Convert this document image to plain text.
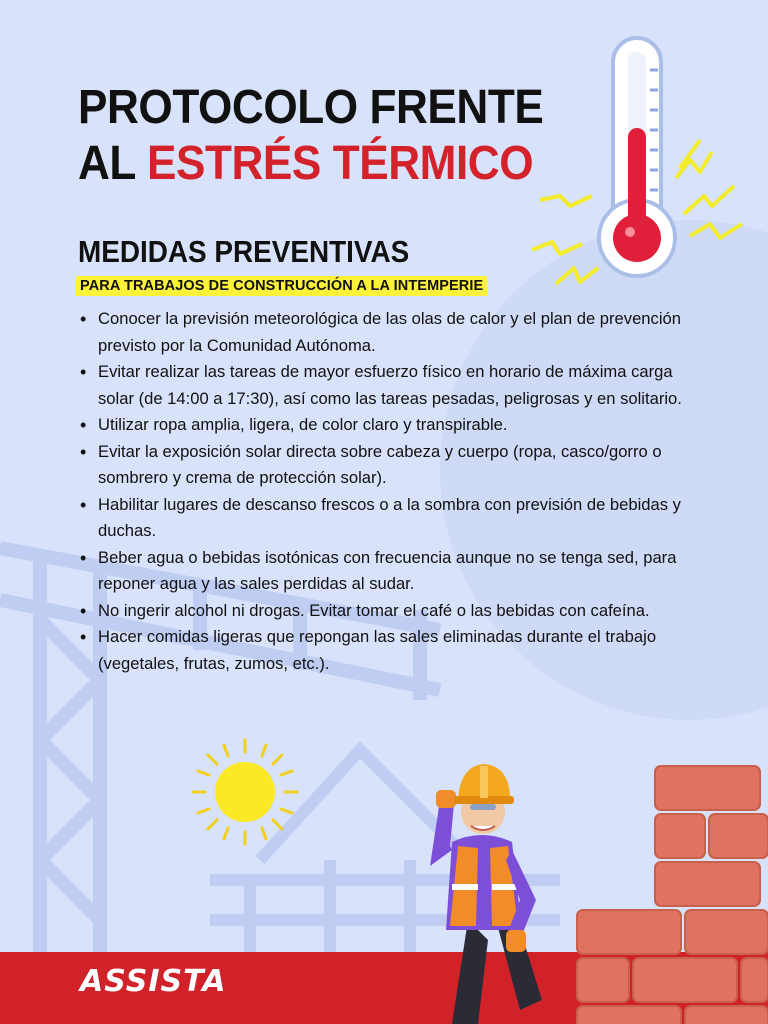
PROTOCOLO FRENTE
AL ESTRÉS TÉRMICO
MEDIDAS PREVENTIVAS
PARA TRABAJOS DE CONSTRUCCIÓN A LA INTEMPERIE
• Conocer la previsión meteorológica de las olas de calor y el plan de prevención previsto por la Comunidad Autónoma.
• Evitar realizar las tareas de mayor esfuerzo físico en horario de máxima carga solar (de 14:00 a 17:30), así como las tareas pesadas, peligrosas y en solitario.
• Utilizar ropa amplia, ligera, de color claro y transpirable.
• Evitar la exposición solar directa sobre cabeza y cuerpo (ropa, casco/gorro o sombrero y crema de protección solar).
• Habilitar lugares de descanso frescos o a la sombra con previsión de bebidas y duchas.
• Beber agua o bebidas isotónicas con frecuencia aunque no se tenga sed, para reponer agua y las sales perdidas al sudar.
• No ingerir alcohol ni drogas. Evitar tomar el café o las bebidas con cafeína.
• Hacer comidas ligeras que repongan las sales eliminadas durante el trabajo (vegetales, frutas, zumos, etc.).
ASSISTA
